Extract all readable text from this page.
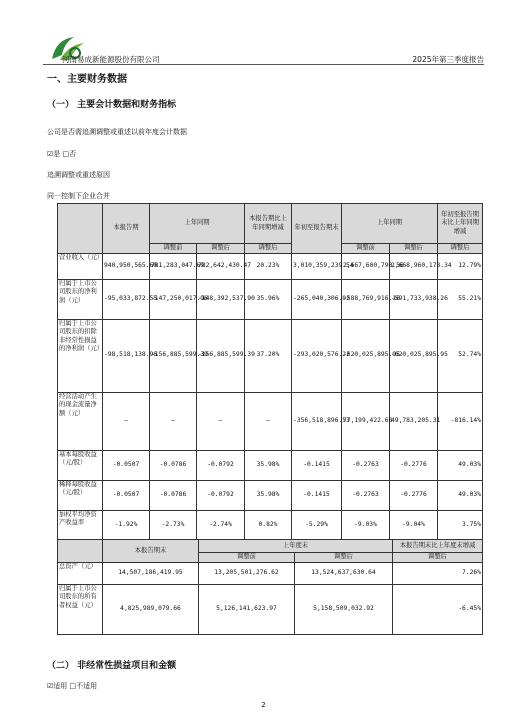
河南易成新能源股份有限公司	2025年第三季度报告
一、主要财务数据
（一） 主要会计数据和财务指标
公司是否需追溯调整或重述以前年度会计数据
☑是 □否
追溯调整或重述原因
同一控制下企业合并
	本报告期	上年同期		本报告期比上年同期增减	年初至报告期末	上年同期		年初至报告期末比上年同期增减
		调整前	调整后	调整后		调整前	调整后	调整后
营业收入（元）	940,950,565.60	781,283,047.69	782,642,430.47	20.23%	3,010,359,239.54	2,667,600,790.56	2,668,960,173.34	12.79%
归属于上市公司股东的净利润（元）	-95,033,872.55	-147,250,017.96	-148,392,537.90	35.96%	-265,040,306.02	-588,769,916.16	-591,733,938.26	55.21%
归属于上市公司股东的扣除非经常性损益的净利润（元）	-98,518,138.96	-156,885,599.39	-156,885,599.39	37.20%	-293,020,576.22	-620,025,895.95	-620,025,895.95	52.74%
经营活动产生的现金流量净额（元）	—	—	—	—	-356,518,896.53	77,199,422.68	49,783,205.31	-816.14%
基本每股收益（元/股）	-0.0507	-0.0786	-0.0792	35.98%	-0.1415	-0.2763	-0.2776	49.03%
稀释每股收益（元/股）	-0.0507	-0.0786	-0.0792	35.98%	-0.1415	-0.2763	-0.2776	49.03%
加权平均净资产收益率	-1.92%	-2.73%	-2.74%	0.82%	-5.29%	-9.03%	-9.04%	3.75%
	本报告期末	上年度末		本报告期末比上年度末增减
		调整前	调整后	调整后
总资产（元）	14,507,186,419.95	13,205,501,276.62	13,524,637,630.64	7.26%
归属于上市公司股东的所有者权益（元）	4,825,989,079.66	5,126,141,623.97	5,158,509,032.92	-6.45%
（二） 非经常性损益项目和金额
☑适用 □不适用
2
